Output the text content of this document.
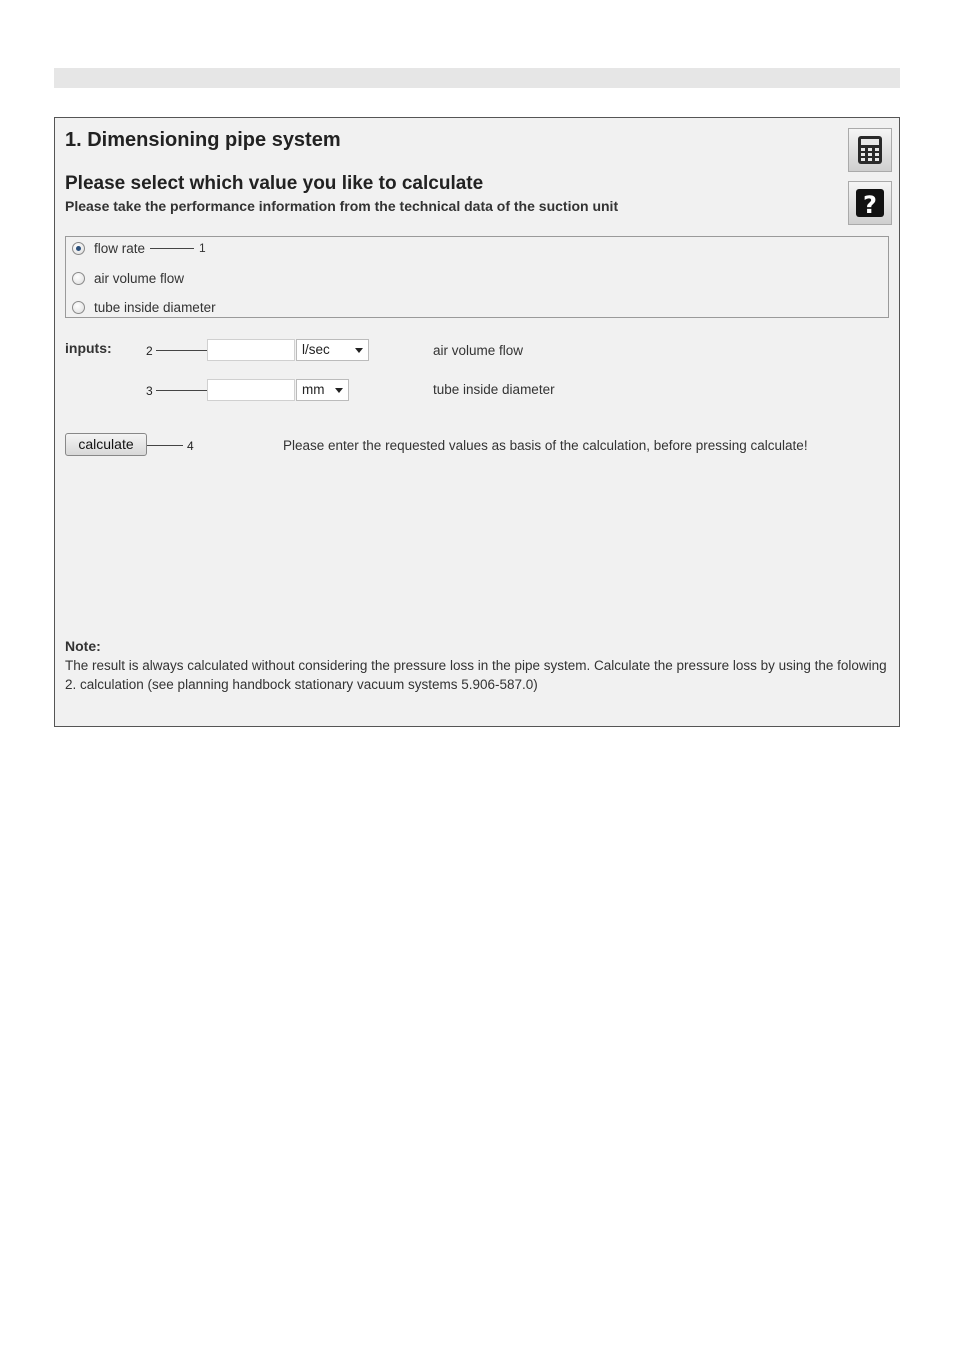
1. Dimensioning pipe system
Please select which value you like to calculate
Please take the performance information from the technical data of the suction unit	?
flow rate	1
air volume flow
tube inside diameter
inputs:	2	l/sec	air volume flow
3	mm	tube inside diameter
calculate	4	Please enter the requested values as basis of the calculation, before pressing calculate!
Note:
The result is always calculated without considering the pressure loss in the pipe system. Calculate the pressure loss by using the folowing 2. calculation (see planning handbock stationary vacuum systems 5.906-587.0)
